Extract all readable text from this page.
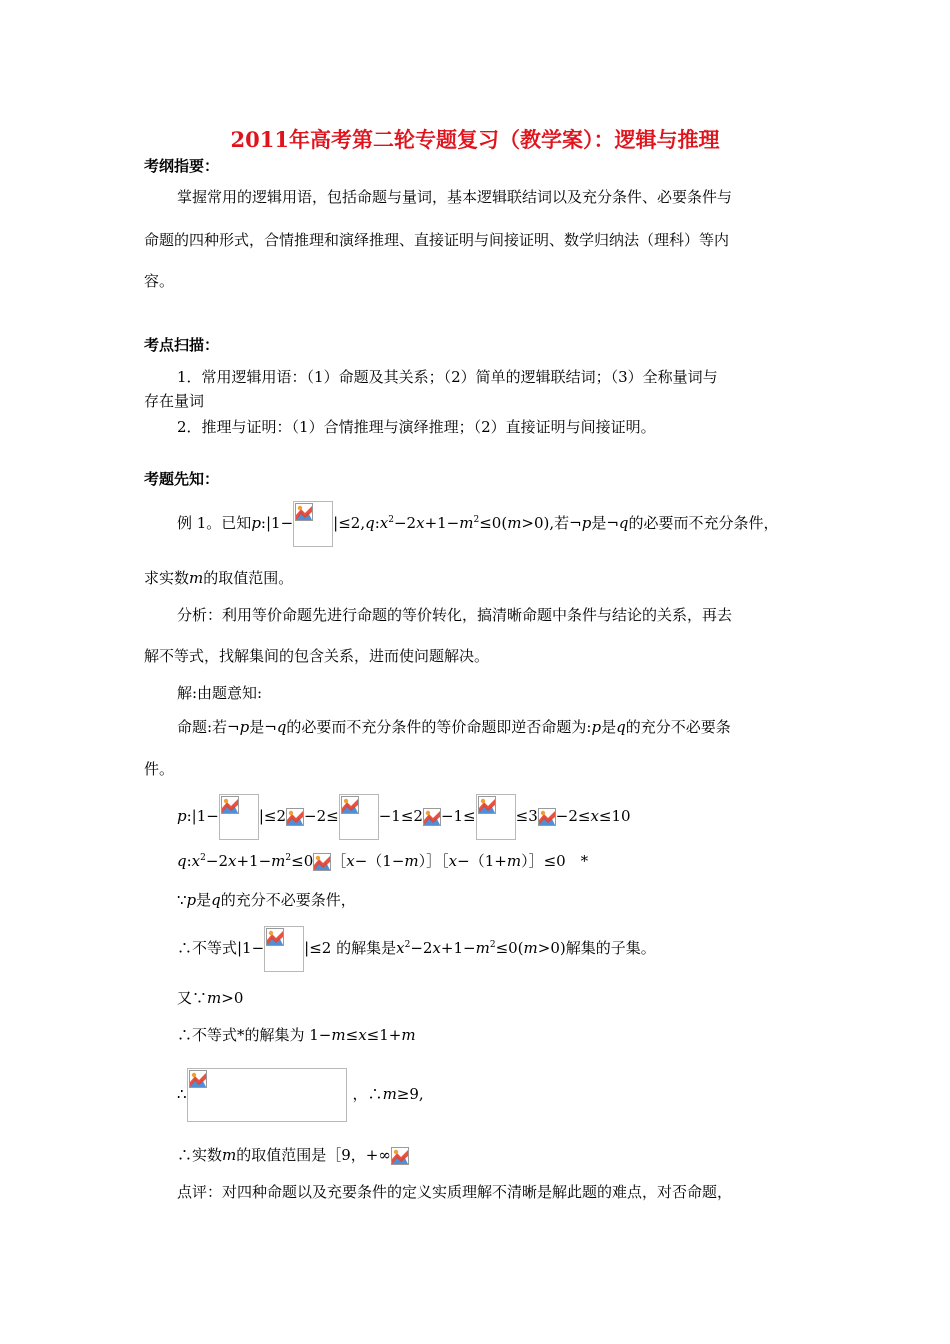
2011年高考第二轮专题复习（教学案）：逻辑与推理
考纲指要：
掌握常用的逻辑用语，包括命题与量词，基本逻辑联结词以及充分条件、必要条件与
命题的四种形式，合情推理和演绎推理、直接证明与间接证明、数学归纳法（理科）等内
容。
考点扫描：
1．常用逻辑用语：（1）命题及其关系；（2）简单的逻辑联结词；（3）全称量词与
存在量词
2．推理与证明：（1）合情推理与演绎推理；（2）直接证明与间接证明。
考题先知：
例 1。已知p:|1−	$|\le 2,q:x^2-2x+1-m^2\le 0(m>0)$,若¬p是¬q的必要而不充分条件，
求实数m的取值范围。
分析：利用等价命题先进行命题的等价转化，搞清晰命题中条件与结论的关系，再去
解不等式，找解集间的包含关系，进而使问题解决。
解:由题意知:
命题:若¬p是¬q的必要而不充分条件的等价命题即逆否命题为:p是q的充分不必要条
件。
p:|1−	|≤2 −2≤	−1≤2 −1≤	≤3 −2≤x≤10
$q:x^2-2x+1-m^2\le 0$ ［x−（1−m）］［x−（1+m）］≤0　*
∵p是q的充分不必要条件，
∴不等式|1−	|≤2 的解集是$x^2-2x+1-m^2\le 0(m>0)$解集的子集。
又∵m>0
∴不等式*的解集为 1−m≤x≤1+m
∴	，∴m≥9,
∴实数m的取值范围是［9，+∞
点评：对四种命题以及充要条件的定义实质理解不清晰是解此题的难点，对否命题，
